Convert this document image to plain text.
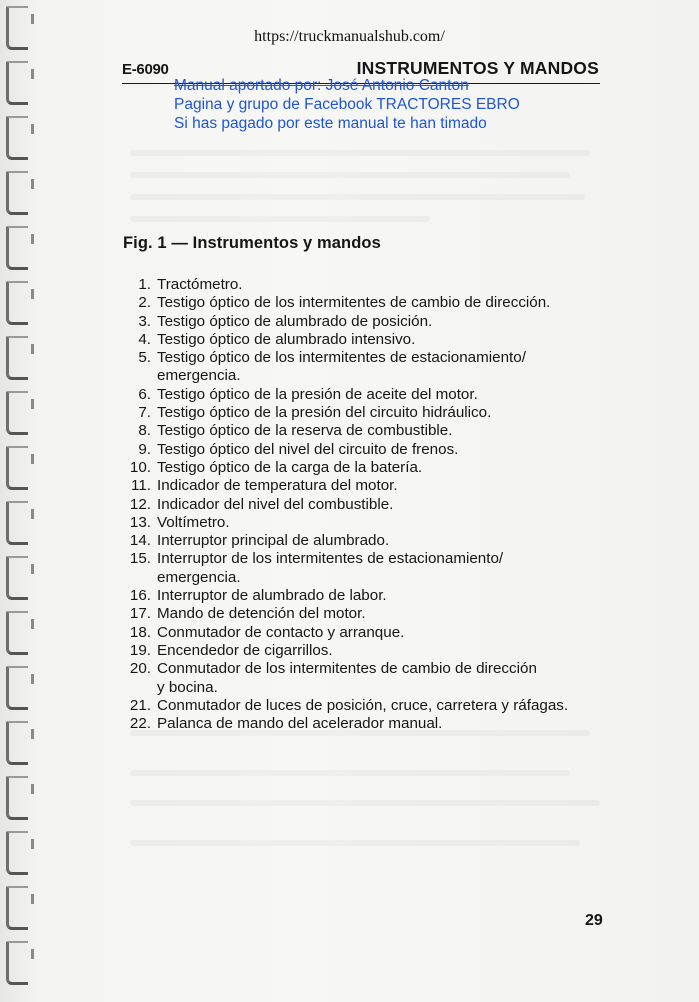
https://truckmanualshub.com/
E-6090	INSTRUMENTOS Y MANDOS
Manual aportado por: José Antonio Canton
Pagina y grupo de Facebook TRACTORES EBRO
Si has pagado por este manual te han timado
Fig. 1 — Instrumentos y mandos
1. Tractómetro.
2. Testigo óptico de los intermitentes de cambio de dirección.
3. Testigo óptico de alumbrado de posición.
4. Testigo óptico de alumbrado intensivo.
5. Testigo óptico de los intermitentes de estacionamiento/
emergencia.
6. Testigo óptico de la presión de aceite del motor.
7. Testigo óptico de la presión del circuito hidráulico.
8. Testigo óptico de la reserva de combustible.
9. Testigo óptico del nivel del circuito de frenos.
10. Testigo óptico de la carga de la batería.
11. Indicador de temperatura del motor.
12. Indicador del nivel del combustible.
13. Voltímetro.
14. Interruptor principal de alumbrado.
15. Interruptor de los intermitentes de estacionamiento/
emergencia.
16. Interruptor de alumbrado de labor.
17. Mando de detención del motor.
18. Conmutador de contacto y arranque.
19. Encendedor de cigarrillos.
20. Conmutador de los intermitentes de cambio de dirección
y bocina.
21. Conmutador de luces de posición, cruce, carretera y ráfagas.
22. Palanca de mando del acelerador manual.
29
